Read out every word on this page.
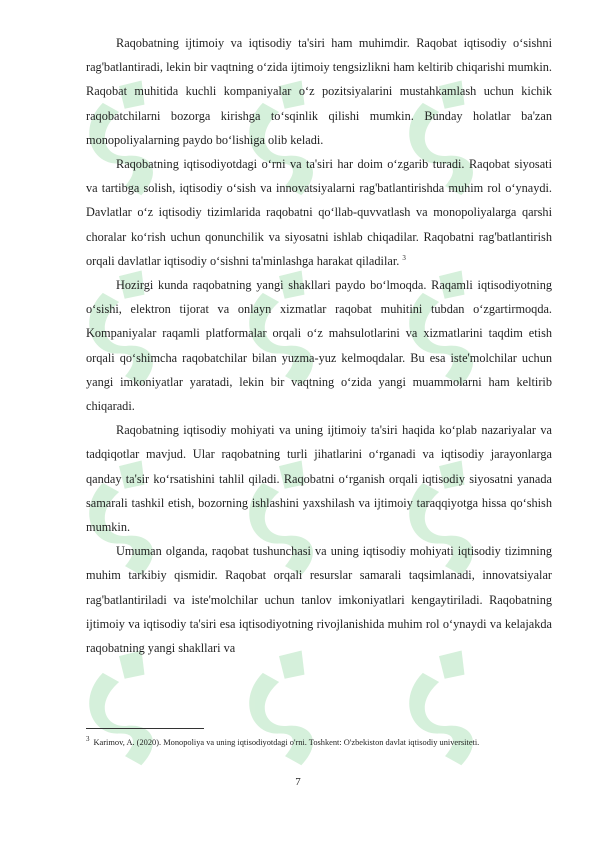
Raqobatning ijtimoiy va iqtisodiy ta'siri ham muhimdir. Raqobat iqtisodiy o‘sishni rag'batlantiradi, lekin bir vaqtning o‘zida ijtimoiy tengsizlikni ham keltirib chiqarishi mumkin. Raqobat muhitida kuchli kompaniyalar o‘z pozitsiyalarini mustahkamlash uchun kichik raqobatchilarni bozorga kirishga to‘sqinlik qilishi mumkin. Bunday holatlar ba'zan monopoliyalarning paydo bo‘lishiga olib keladi.

Raqobatning iqtisodiyotdagi o‘rni va ta'siri har doim o‘zgarib turadi. Raqobat siyosati va tartibga solish, iqtisodiy o‘sish va innovatsiyalarni rag'batlantirishda muhim rol o‘ynaydi. Davlatlar o‘z iqtisodiy tizimlarida raqobatni qo‘llab-quvvatlash va monopoliyalarga qarshi choralar ko‘rish uchun qonunchilik va siyosatni ishlab chiqadilar. Raqobatni rag'batlantirish orqali davlatlar iqtisodiy o‘sishni ta'minlashga harakat qiladilar. $^3$

Hozirgi kunda raqobatning yangi shakllari paydo bo‘lmoqda. Raqamli iqtisodiyotning o‘sishi, elektron tijorat va onlayn xizmatlar raqobat muhitini tubdan o‘zgartirmoqda. Kompaniyalar raqamli platformalar orqali o‘z mahsulotlarini va xizmatlarini taqdim etish orqali qo‘shimcha raqobatchilar bilan yuzma-yuz kelmoqdalar. Bu esa iste'molchilar uchun yangi imkoniyatlar yaratadi, lekin bir vaqtning o‘zida yangi muammolarni ham keltirib chiqaradi.

Raqobatning iqtisodiy mohiyati va uning ijtimoiy ta'siri haqida ko‘plab nazariyalar va tadqiqotlar mavjud. Ular raqobatning turli jihatlarini o‘rganadi va iqtisodiy jarayonlarga qanday ta'sir ko‘rsatishini tahlil qiladi. Raqobatni o‘rganish orqali iqtisodiy siyosatni yanada samarali tashkil etish, bozorning ishlashini yaxshilash va ijtimoiy taraqqiyotga hissa qo‘shish mumkin.

Umuman olganda, raqobat tushunchasi va uning iqtisodiy mohiyati iqtisodiy tizimning muhim tarkibiy qismidir. Raqobat orqali resurslar samarali taqsimlanadi, innovatsiyalar rag'batlantiriladi va iste'molchilar uchun tanlov imkoniyatlari kengaytiriladi. Raqobatning ijtimoiy va iqtisodiy ta'siri esa iqtisodiyotning rivojlanishida muhim rol o‘ynaydi va kelajakda raqobatning yangi shakllari va

$^3$ Karimov, A. (2020). Monopoliya va uning iqtisodiyotdagi o'rni. Toshkent: O'zbekiston davlat iqtisodiy universiteti.

7
